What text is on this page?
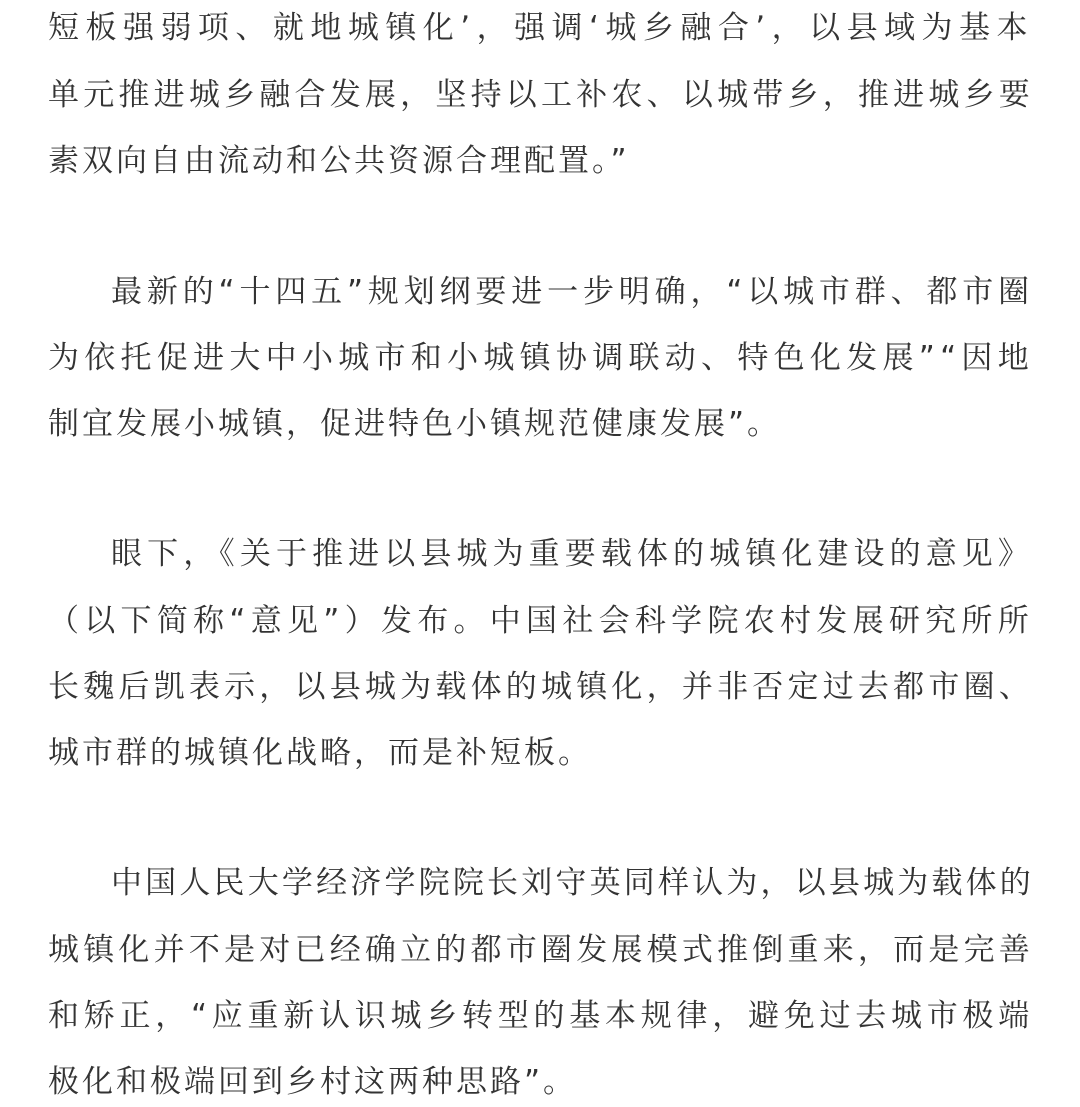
短板强弱项、就地城镇化’，强调‘城乡融合’，以县域为基本
单元推进城乡融合发展，坚持以工补农、以城带乡，推进城乡要
素双向自由流动和公共资源合理配置。”
最新的“十四五”规划纲要进一步明确，“以城市群、都市圈
为依托促进大中小城市和小城镇协调联动、特色化发展”“因地
制宜发展小城镇，促进特色小镇规范健康发展”。
眼下，《关于推进以县城为重要载体的城镇化建设的意见》
（以下简称“意见”）发布。中国社会科学院农村发展研究所所
长魏后凯表示，以县城为载体的城镇化，并非否定过去都市圈、
城市群的城镇化战略，而是补短板。
中国人民大学经济学院院长刘守英同样认为，以县城为载体的
城镇化并不是对已经确立的都市圈发展模式推倒重来，而是完善
和矫正，“应重新认识城乡转型的基本规律，避免过去城市极端
极化和极端回到乡村这两种思路”。
